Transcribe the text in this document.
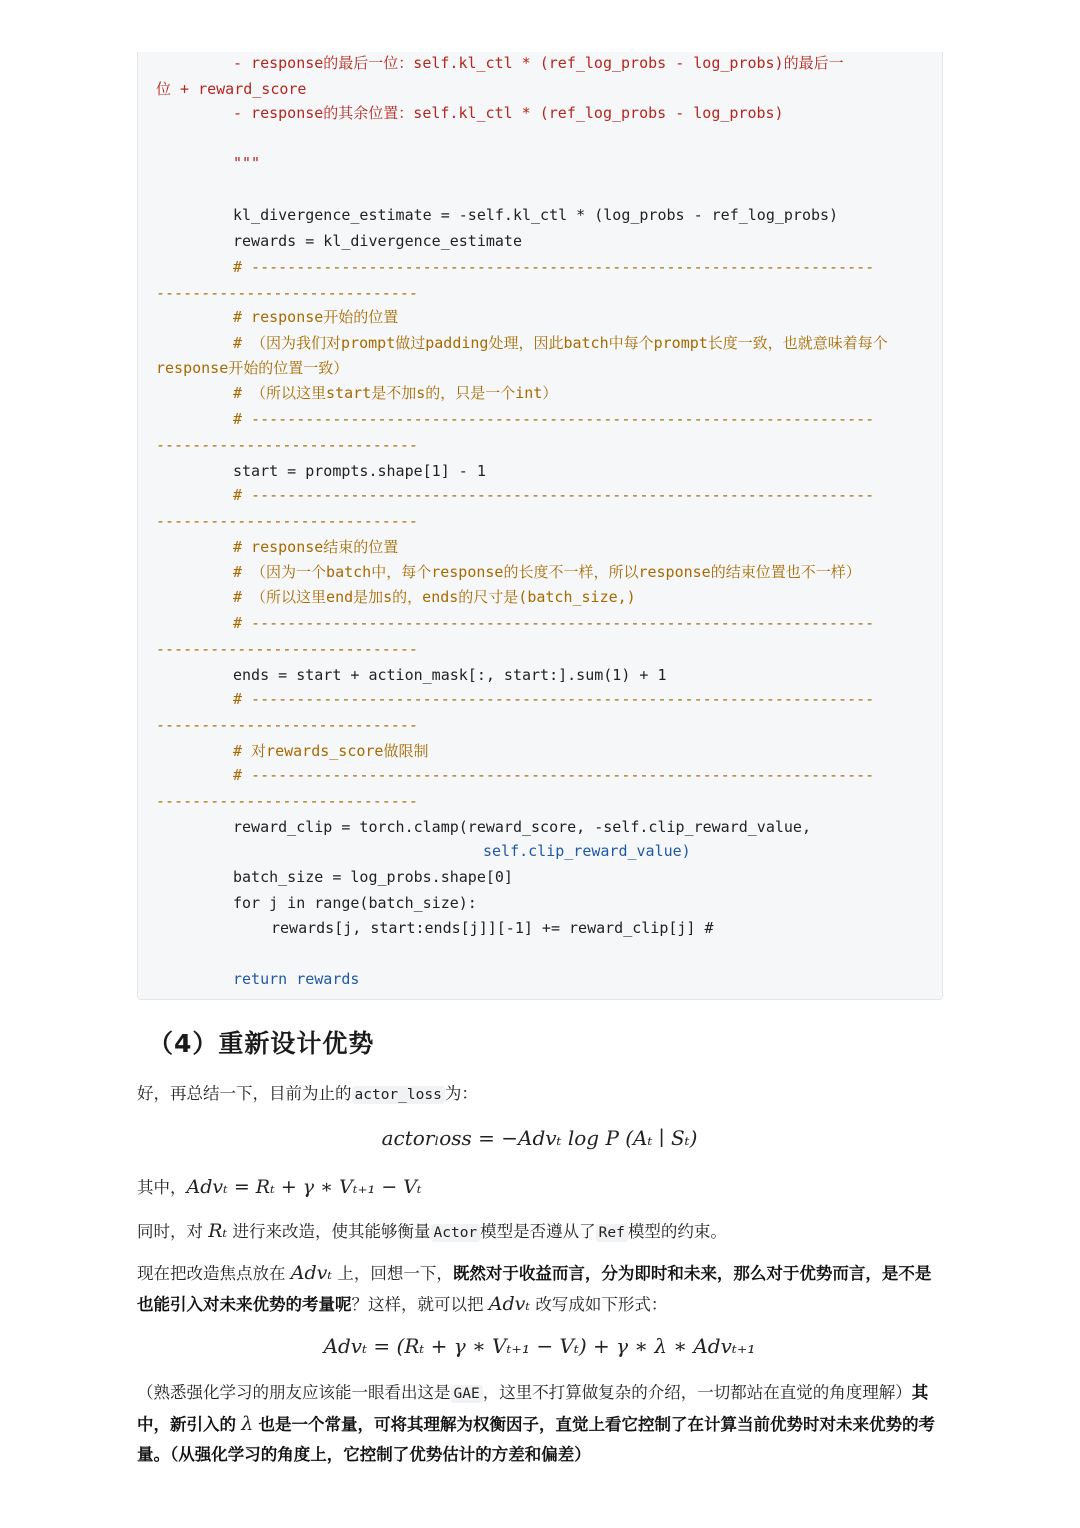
- response的最后一位：self.kl_ctl * (ref_log_probs - log_probs)的最后一
位 + reward_score
- response的其余位置：self.kl_ctl * (ref_log_probs - log_probs)
"""
kl_divergence_estimate = -self.kl_ctl * (log_probs - ref_log_probs)
rewards = kl_divergence_estimate
# ---------------------------------------------------------------------
-----------------------------
# response开始的位置
# （因为我们对prompt做过padding处理，因此batch中每个prompt长度一致，也就意味着每个
response开始的位置一致）
# （所以这里start是不加s的，只是一个int）
# ---------------------------------------------------------------------
-----------------------------
start = prompts.shape[1] - 1
# ---------------------------------------------------------------------
-----------------------------
# response结束的位置
# （因为一个batch中，每个response的长度不一样，所以response的结束位置也不一样）
# （所以这里end是加s的，ends的尺寸是(batch_size,)
# ---------------------------------------------------------------------
-----------------------------
ends = start + action_mask[:, start:].sum(1) + 1
# ---------------------------------------------------------------------
-----------------------------
# 对rewards_score做限制
# ---------------------------------------------------------------------
-----------------------------
reward_clip = torch.clamp(reward_score, -self.clip_reward_value,
self.clip_reward_value)
batch_size = log_probs.shape[0]
for j in range(batch_size):
rewards[j, start:ends[j]][-1] += reward_clip[j] #
return rewards
（4）重新设计优势
好，再总结一下，目前为止的 actor_loss 为：
actorₗoss = −Advₜ log P (Aₜ ∣ Sₜ)
其中，Advₜ = Rₜ + γ ∗ Vₜ₊₁ − Vₜ
同时，对 Rₜ 进行来改造，使其能够衡量 Actor 模型是否遵从了 Ref 模型的约束。
现在把改造焦点放在 Advₜ 上，回想一下，既然对于收益而言，分为即时和未来，那么对于优势而言，是不是也能引入对未来优势的考量呢？这样，就可以把 Advₜ 改写成如下形式：
Advₜ = (Rₜ + γ ∗ Vₜ₊₁ − Vₜ) + γ ∗ λ ∗ Advₜ₊₁
（熟悉强化学习的朋友应该能一眼看出这是 GAE ，这里不打算做复杂的介绍，一切都站在直觉的角度理解）其中，新引入的 λ 也是一个常量，可将其理解为权衡因子，直觉上看它控制了在计算当前优势时对未来优势的考量。（从强化学习的角度上，它控制了优势估计的方差和偏差）
